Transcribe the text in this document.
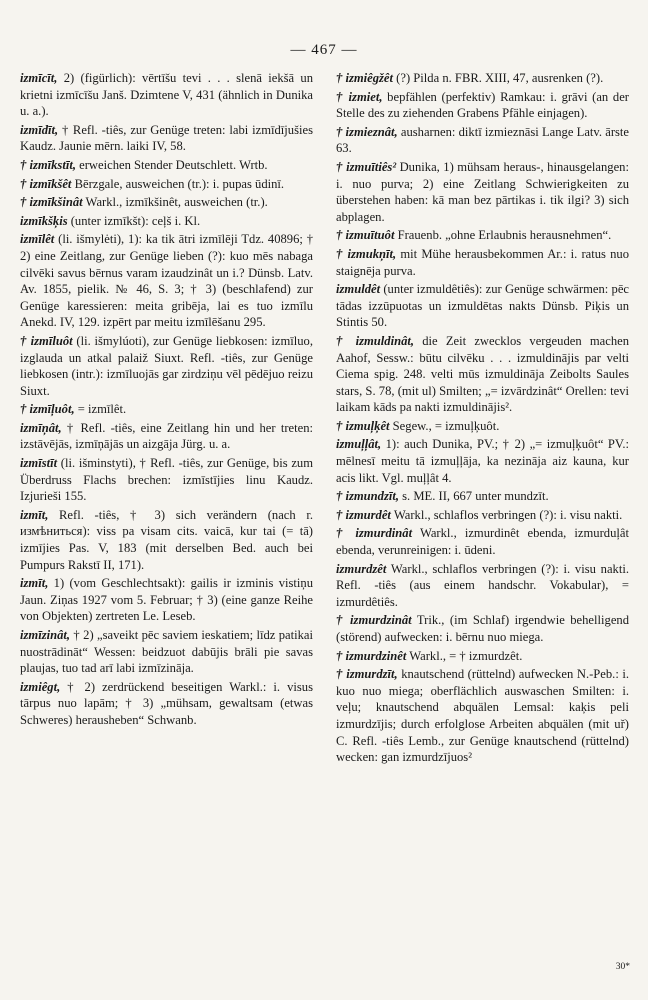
— 467 —

izmīcīt, 2) (figürlich): vērtīšu tevi . . . slenā iekšā un krietni izmīcīšu Janš. Dzimtene V, 431 (ähnlich in Dunika u. a.).

izmīdīt, † Refl. -tiês, zur Genüge treten: labi izmīdījušies Kaudz. Jaunie mērn. laiki IV, 58.

† izmīkstīt, erweichen Stender Deutschlett. Wrtb.

† izmīkšêt Bērzgale, ausweichen (tr.): i. pupas ūdinī.

† izmīkšinât Warkl., izmīkšinêt, ausweichen (tr.).

izmīkšķis (unter izmīkšt): ceļš i. Kl.

izmīlêt (li. išmylėti), 1): ka tik ātri izmīlēji Tdz. 40896; † 2) eine Zeitlang, zur Genüge lieben (?): kuo mēs nabaga cilvēki savus bērnus varam izaudzinât un i.? Dünsb. Latv. Av. 1855, pielik. № 46, S. 3; † 3) (beschlafend) zur Genüge karessieren: meita gribēja, lai es tuo izmīlu Anekd. IV, 129. izpērt par meitu izmīlēšanu 295.

† izmīluôt (li. išmylúoti), zur Genüge liebkosen: izmīluo, izglauda un atkal palaiž Siuxt. Refl. -tiês, zur Genüge liebkosen (intr.): izmīluojās gar zirdziņu vēl pēdējuo reizu Siuxt.

† izmīļuôt, = izmīlêt.

izmīņât, † Refl. -tiês, eine Zeitlang hin und her treten: izstāvējās, izmīņājās un aizgāja Jürg. u. a.

izmīstīt (li. išminstyti), † Refl. -tiês, zur Genüge, bis zum Überdruss Flachs brechen: izmīstījies linu Kaudz. Izjurieši 155.

izmīt, Refl. -tiês, † 3) sich verändern (nach r. измѣниться): viss pa visam cits. vaicā, kur tai (= tā) izmījies Pas. V, 183 (mit derselben Bed. auch bei Pumpurs Rakstī II, 171).

izmīt, 1) (vom Geschlechtsakt): gailis ir izminis vistiņu Jaun. Ziņas 1927 vom 5. Februar; † 3) (eine ganze Reihe von Objekten) zertreten Le. Leseb.

izmīzinât, † 2) „saveikt pēc saviem ieskatiem; līdz patikai nuostrādināt“ Wessen: beidzuot dabūjis brāli pie savas plaujas, tuo tad arī labi izmīzināja.

izmiêgt, † 2) zerdrückend beseitigen Warkl.: i. visus tārpus nuo lapām; † 3) „mühsam, gewaltsam (etwas Schweres) herausheben“ Schwanb.

† izmiêgžêt (?) Pilda n. FBR. XIII, 47, ausrenken (?).

† izmiet, bepfählen (perfektiv) Ramkau: i. grāvi (an der Stelle des zu ziehenden Grabens Pfähle einjagen).

† izmieznât, ausharnen: diktī izmieznāsi Lange Latv. ārste 63.

† izmuītiês² Dunika, 1) mühsam heraus-, hinausgelangen: i. nuo purva; 2) eine Zeitlang Schwierigkeiten zu überstehen haben: kā man bez pārtikas i. tik ilgi? 3) sich abplagen.

† izmuītuôt Frauenb. „ohne Erlaubnis herausnehmen“.

† izmukņīt, mit Mühe herausbekommen Ar.: i. ratus nuo staignēja purva.

izmuldêt (unter izmuldêtiês): zur Genüge schwärmen: pēc tādas izzūpuotas un izmuldētas nakts Dünsb. Piķis un Stintis 50.

† izmuldinât, die Zeit zwecklos vergeuden machen Aahof, Sessw.: būtu cilvēku . . . izmuldinājis par velti Ciema spig. 248. velti mūs izmuldināja Zeibolts Saules stars, S. 78, (mit ul) Smilten; „= izvārdzinât“ Orellen: tevi laikam kāds pa nakti izmuldinājis².

† izmuļķêt Segew., = izmuļķuôt.

izmuļļât, 1): auch Dunika, PV.; † 2) „= izmuļķuôt“ PV.: mēlnesī meitu tā izmuļļāja, ka nezināja aiz kauna, kur acis likt. Vgl. muļļât 4.

† izmundzīt, s. ME. II, 667 unter mundzīt.

† izmurdêt Warkl., schlaflos verbringen (?): i. visu nakti.

† izmurdinât Warkl., izmurdinêt ebenda, izmurduļât ebenda, verunreinigen: i. ūdeni.

izmurdzêt Warkl., schlaflos verbringen (?): i. visu nakti. Refl. -tiês (aus einem handschr. Vokabular), = izmurdêtiês.

† izmurdzinât Trik., (im Schlaf) irgendwie behelligend (störend) aufwecken: i. bērnu nuo miega.

† izmurdzinêt Warkl., = † izmurdzêt.

† izmurdzīt, knautschend (rüttelnd) aufwecken N.-Peb.: i. kuo nuo miega; oberflächlich auswaschen Smilten: i. veļu; knautschend abquälen Lemsal: kaķis peli izmurdzījis; durch erfolglose Arbeiten abquälen (mit uř) C. Refl. -tiês Lemb., zur Genüge knautschend (rüttelnd) wecken: gan izmurdzījuos²

30*
